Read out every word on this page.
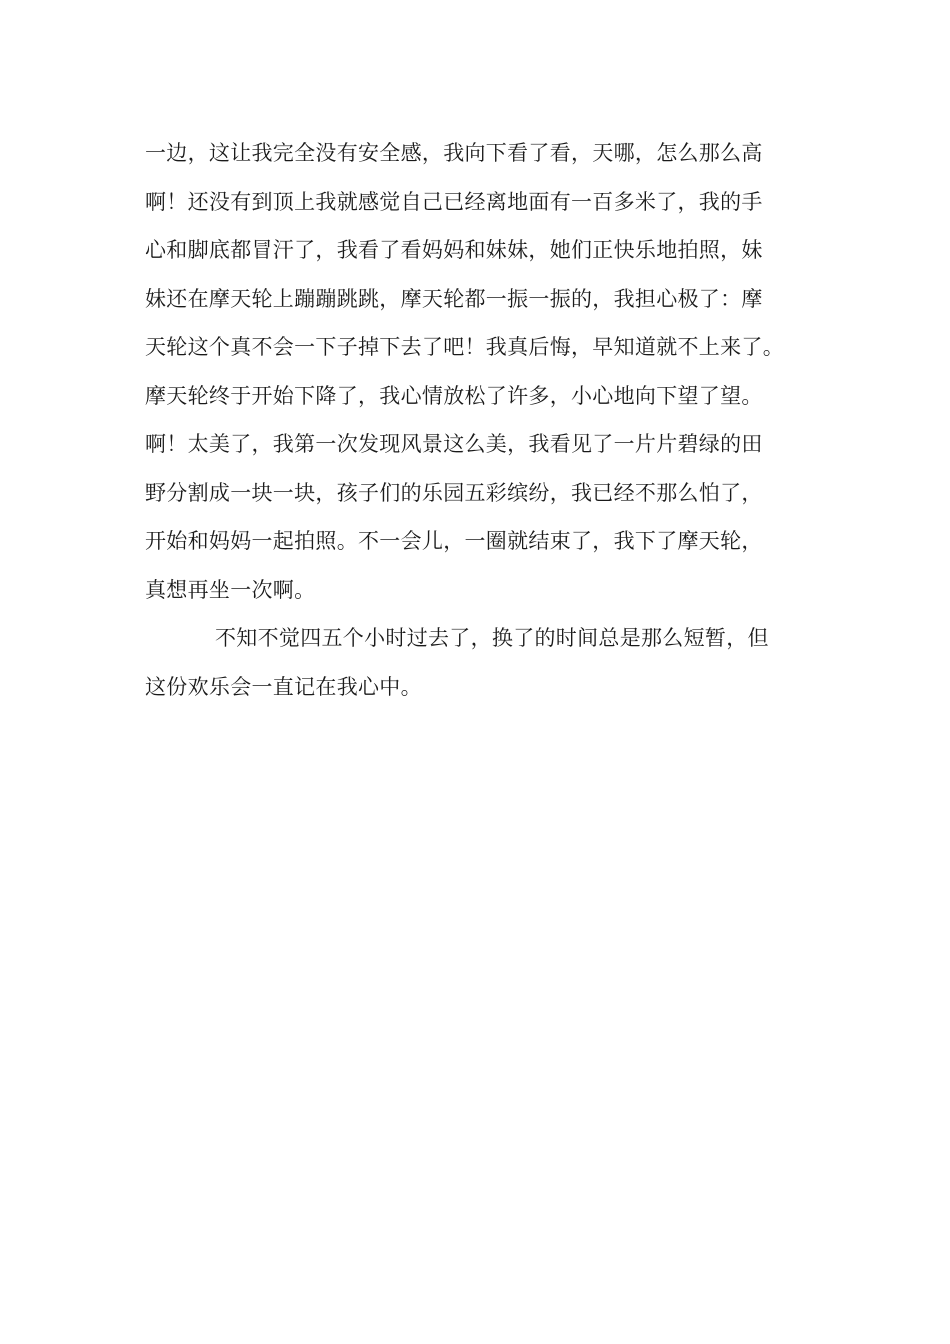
一边，这让我完全没有安全感，我向下看了看，天哪，怎么那么高
啊！还没有到顶上我就感觉自己已经离地面有一百多米了，我的手
心和脚底都冒汗了，我看了看妈妈和妹妹，她们正快乐地拍照，妹
妹还在摩天轮上蹦蹦跳跳，摩天轮都一振一振的，我担心极了：摩
天轮这个真不会一下子掉下去了吧！我真后悔，早知道就不上来了。
摩天轮终于开始下降了，我心情放松了许多，小心地向下望了望。
啊！太美了，我第一次发现风景这么美，我看见了一片片碧绿的田
野分割成一块一块，孩子们的乐园五彩缤纷，我已经不那么怕了，
开始和妈妈一起拍照。不一会儿，一圈就结束了，我下了摩天轮，
真想再坐一次啊。
不知不觉四五个小时过去了，换了的时间总是那么短暂，但
这份欢乐会一直记在我心中。
